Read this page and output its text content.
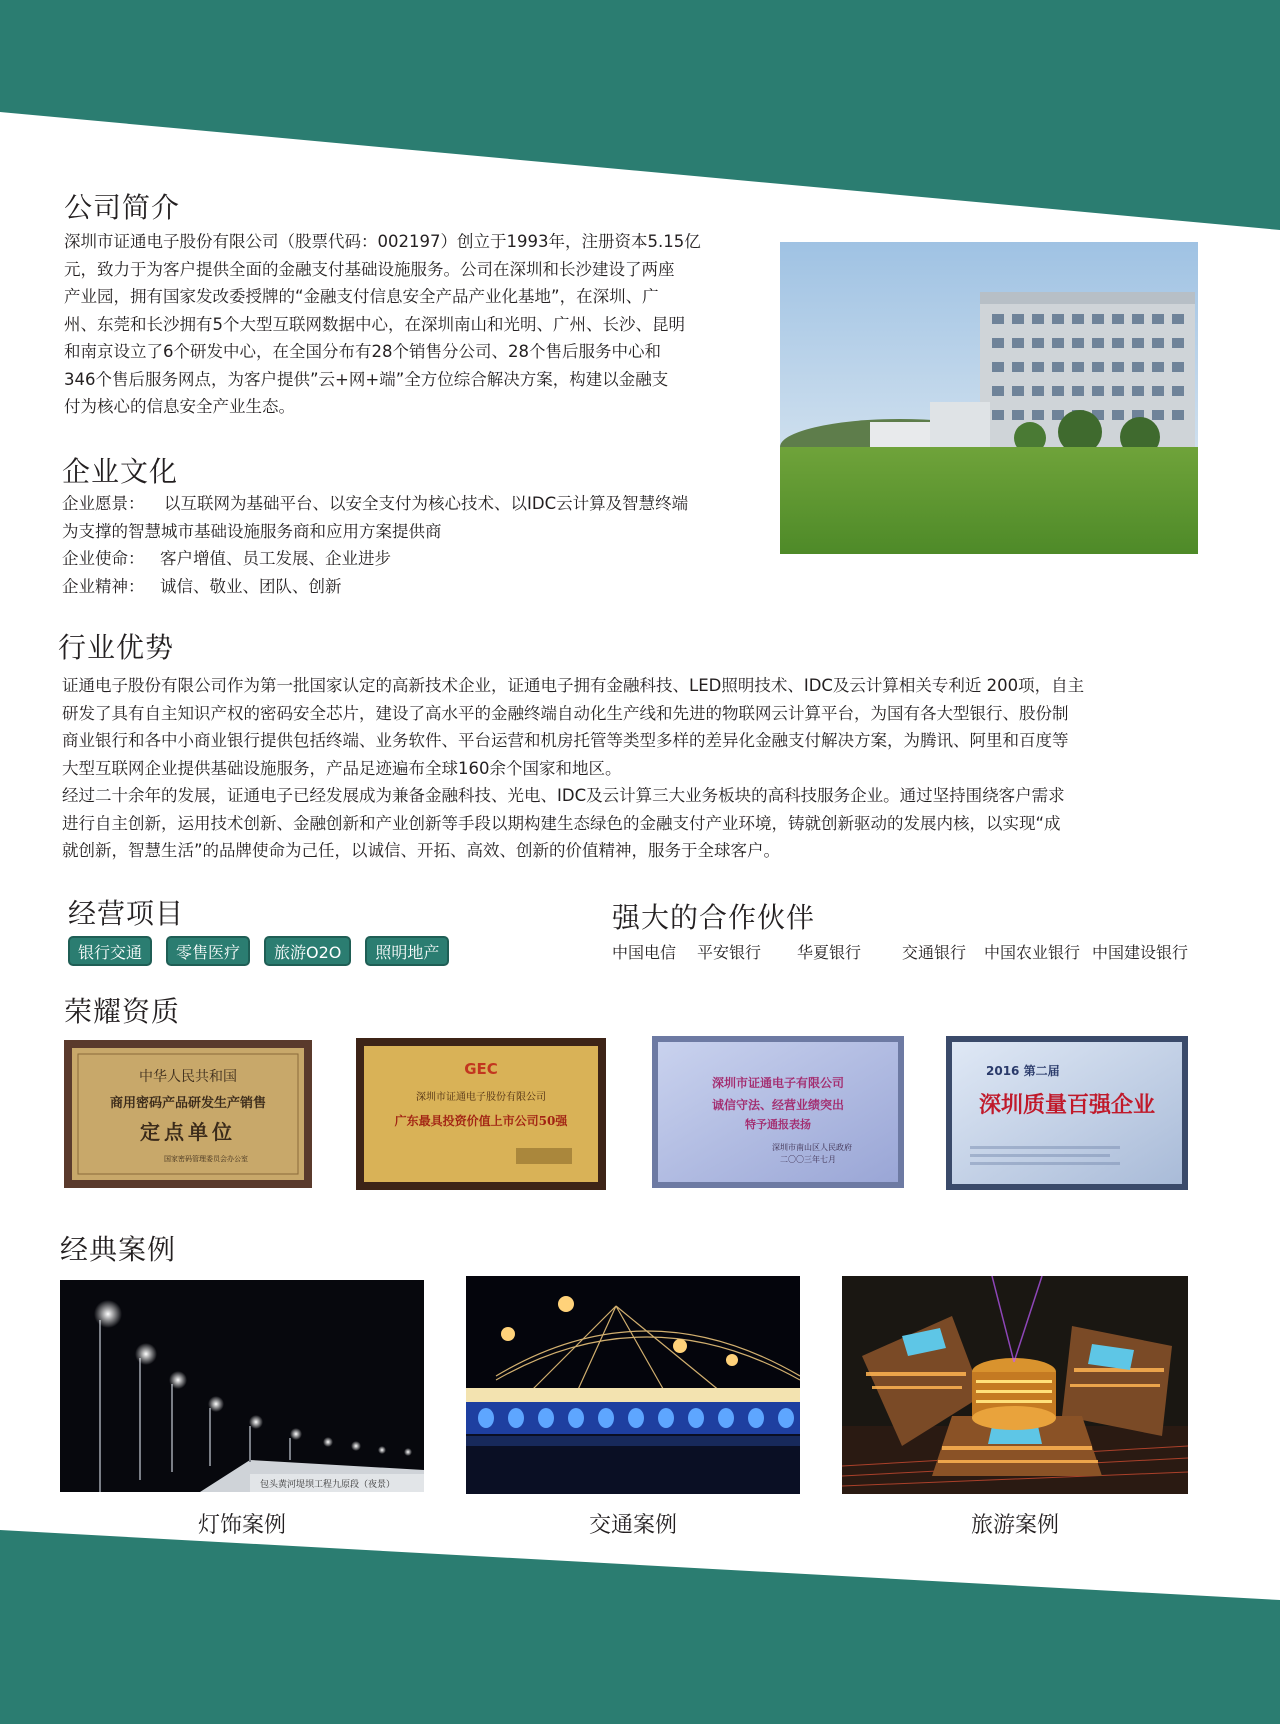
公司简介

深圳市证通电子股份有限公司（股票代码：002197）创立于1993年，注册资本5.15亿

元，致力于为客户提供全面的金融支付基础设施服务。公司在深圳和长沙建设了两座

产业园，拥有国家发改委授牌的“金融支付信息安全产品产业化基地”，在深圳、广

州、东莞和长沙拥有5个大型互联网数据中心，在深圳南山和光明、广州、长沙、昆明

和南京设立了6个研发中心，在全国分布有28个销售分公司、28个售后服务中心和

346个售后服务网点，为客户提供”云+网+端”全方位综合解决方案，构建以金融支

付为核心的信息安全产业生态。

企业文化
企业愿景： 以互联网为基础平台、以安全支付为核心技术、以IDC云计算及智慧终端
为支撑的智慧城市基础设施服务商和应用方案提供商
企业使命： 客户增值、员工发展、企业进步
企业精神： 诚信、敬业、团队、创新
行业优势

证通电子股份有限公司作为第一批国家认定的高新技术企业，证通电子拥有金融科技、LED照明技术、IDC及云计算相关专利近 200项，自主

研发了具有自主知识产权的密码安全芯片，建设了高水平的金融终端自动化生产线和先进的物联网云计算平台，为国有各大型银行、股份制

商业银行和各中小商业银行提供包括终端、业务软件、平台运营和机房托管等类型多样的差异化金融支付解决方案，为腾讯、阿里和百度等

大型互联网企业提供基础设施服务，产品足迹遍布全球160余个国家和地区。

经过二十余年的发展，证通电子已经发展成为兼备金融科技、光电、IDC及云计算三大业务板块的高科技服务企业。通过坚持围绕客户需求

进行自主创新，运用技术创新、金融创新和产业创新等手段以期构建生态绿色的金融支付产业环境，铸就创新驱动的发展内核，以实现“成

就创新，智慧生活”的品牌使命为己任，以诚信、开拓、高效、创新的价值精神，服务于全球客户。

经营项目
银行交通	零售医疗	旅游O2O	照明地产
强大的合作伙伴
中国电信 平安银行 华夏银行	交通银行 中国农业银行 中国建设银行
荣耀资质
中华人民共和国
商用密码产品研发生产销售
定点单位
国家密码管理委员会办公室
GEC
深圳市证通电子股份有限公司
广东最具投资价值上市公司50强
深圳市证通电子有限公司
诚信守法、经营业绩突出
特予通报表扬
深圳市南山区人民政府
二〇〇三年七月
2016 第二届
深圳质量百强企业
经典案例
包头黄河堤坝工程九原段（夜景）
灯饰案例	交通案例	旅游案例
